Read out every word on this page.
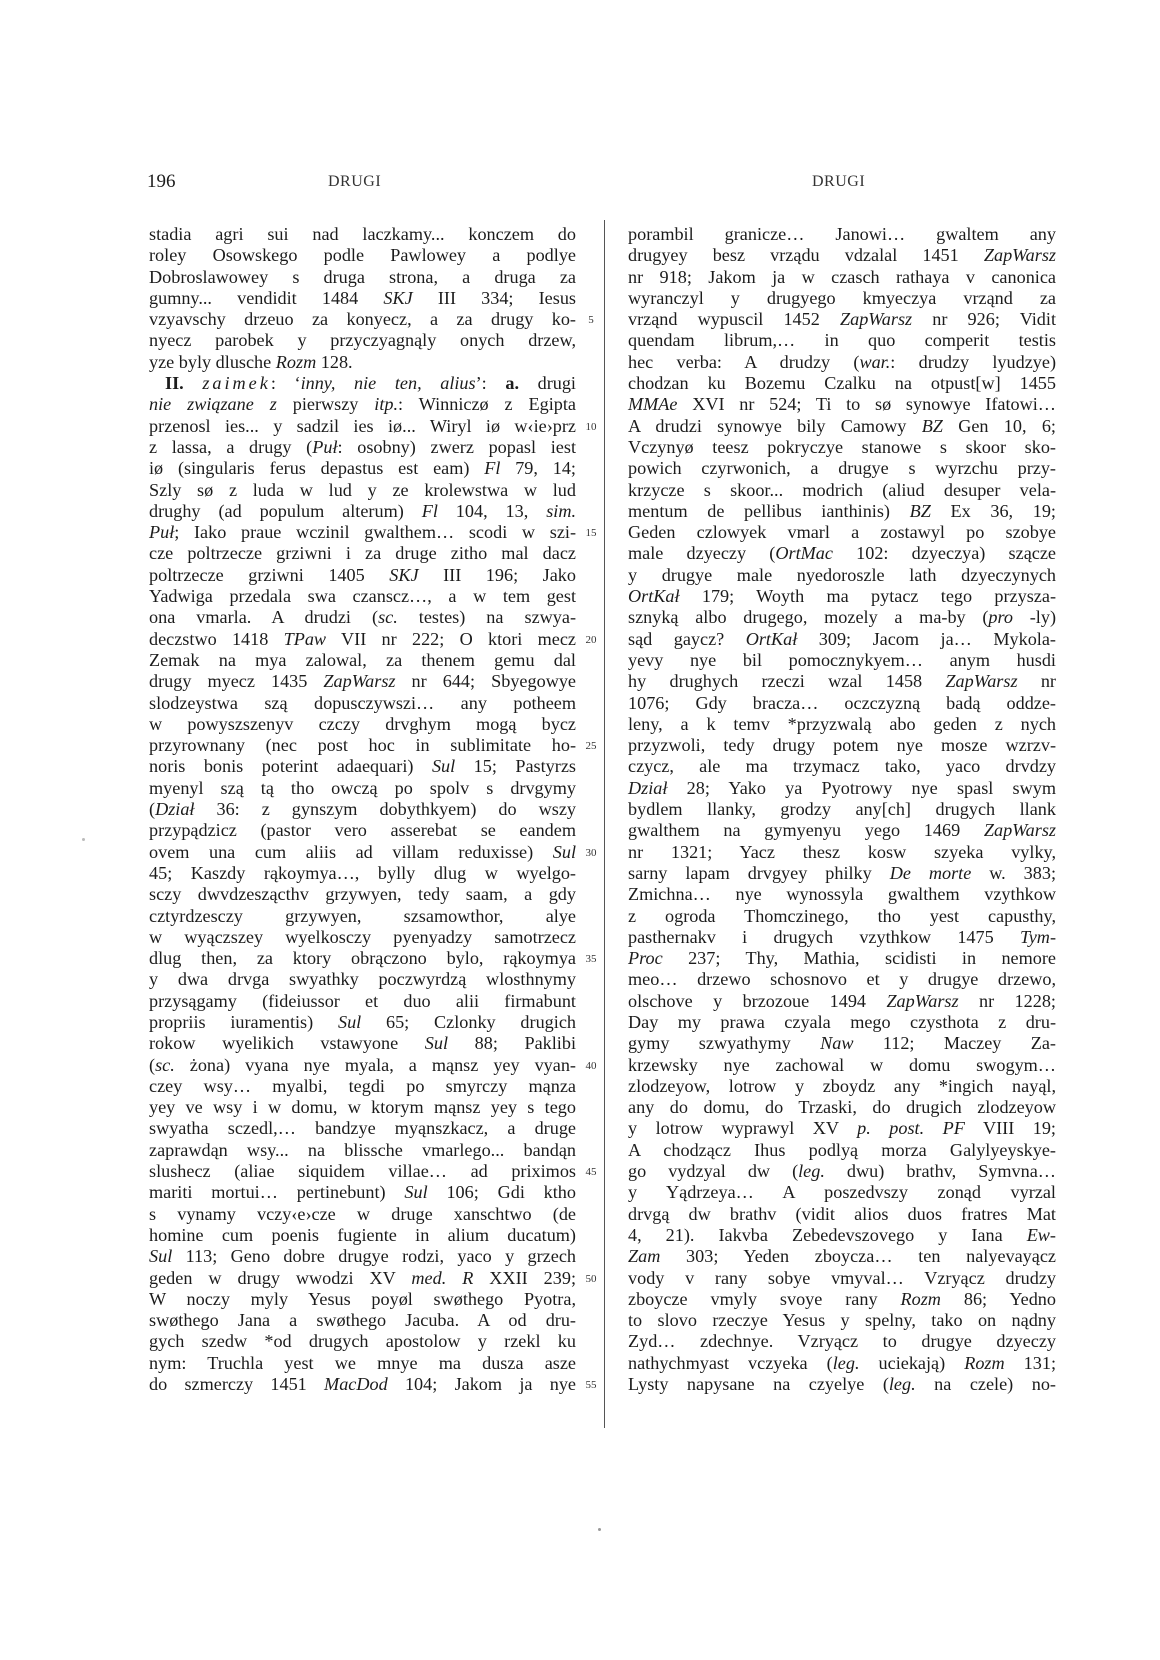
196	DRUGI	DRUGI
stadia agri sui nad laczkamy... konczem do
roley Osowskego podle Pawlowey a podlye
Dobroslawowey s druga strona, a druga za
gumny... vendidit 1484 SKJ III 334; Iesus
vzyavschy drzeuo za konyecz, a za drugy ko-
nyecz parobek y przyczyagnąly onych drzew,
yze byly dlusche Rozm 128.
II. zaimek: ‘inny, nie ten, alius’: a. drugi
nie związane z pierwszy itp.: Winniczø z Egipta
przenosl ies... y sadzil ies iø... Wiryl iø w‹ie›prz
z lassa, a drugy (Puł: osobny) zwerz popasl iest
iø (singularis ferus depastus est eam) Fl 79, 14;
Szly sø z luda w lud y ze krolewstwa w lud
drughy (ad populum alterum) Fl 104, 13, sim.
Puł; Iako praue wczinil gwalthem… scodi w szi-
cze poltrzecze grziwni i za druge zitho mal dacz
poltrzecze grziwni 1405 SKJ III 196; Jako
Yadwiga przedala swa czanscz…, a w tem gest
ona vmarla. A drudzi (sc. testes) na szwya-
deczstwo 1418 TPaw VII nr 222; O ktori mecz
Zemak na mya zalowal, za thenem gemu dal
drugy myecz 1435 ZapWarsz nr 644; Sbyegowye
slodzeystwa szą dopusczywszi… any potheem
w powyszszenyv czczy drvghym mogą bycz
przyrownany (nec post hoc in sublimitate ho-
noris bonis poterint adaequari) Sul 15; Pastyrzs
myenyl szą tą tho owczą po spolv s drvgymy
(Dział 36: z gynszym dobythkyem) do wszy
przypądzicz (pastor vero asserebat se eandem
ovem una cum aliis ad villam reduxisse) Sul
45; Kaszdy rąkoymya…, byllу dlug w wyelgo-
sczy dwvdzeszącthv grzywyen, tedy saam, a gdy
cztyrdzesczy grzywyen, szsamowthor, alye
w wyączszey wyelkosczy pyenyadzy samotrzecz
dlug then, za ktory obrączono bylo, rąkoymya
y dwa drvga swyathky poczwyrdzą wlosthnymy
przysągamy (fideiussor et duo alii firmabunt
propriis iuramentis) Sul 65; Czlonky drugich
rokow wyelikich vstawyone Sul 88; Paklibi
(sc. żona) vyana nye myala, a mąnsz yey vyan-
czey wsy… myalbi, tegdi po smyrczy mąnza
yey ve wsy i w domu, w ktorym mąnsz yey s tego
swyatha sczedl,… bandzye myąnszkacz, a druge
zaprawdąn wsy... na blissche vmarlego... bandąn
slushecz (aliae siquidem villae… ad priximos
mariti mortui… pertinebunt) Sul 106; Gdi ktho
s vynamy vczy‹e›cze w druge xanschtwo (de
homine cum poenis fugiente in alium ducatum)
Sul 113; Geno dobre drugye rodzi, yaco y grzech
geden w drugy wwodzi XV med. R XXII 239;
W noczy myly Yesus poyøl swøthego Pyotra,
swøthego Jana a swøthego Jacuba. A od dru-
gych szedw *od drugych apostolow y rzekl ku
nym: Truchla yest we mnye ma dusza asze
do szmerczy 1451 MacDod 104; Jakom ja nye
5
10
15
20
25
30
35
40
45
50
55
porambil granicze… Janowi… gwaltem any
drugyey besz vrządu vdzalal 1451 ZapWarsz
nr 918; Jakom ja w czasch rathaya v canonica
wyranczyl y drugyego kmyeczya vrząnd za
vrząnd wypuscil 1452 ZapWarsz nr 926; Vidit
quendam librum,… in quo comperit testis
hec verba: A drudzy (war.: drudzy lyudzye)
chodzan ku Bozemu Czalku na otpust[w] 1455
MMAe XVI nr 524; Ti to sø synowye Ifatowi…
A drudzi synowye bily Camowy BZ Gen 10, 6;
Vczynyø teesz pokryczye stanowe s skoor sko-
powich czyrwonich, a drugye s wyrzchu przy-
krzycze s skoor... modrich (aliud desuper vela-
mentum de pellibus ianthinis) BZ Ex 36, 19;
Geden czlowyek vmarl a zostawyl po szobye
male dzyeczy (OrtMac 102: dzyeczya) szącze
y drugye male nyedoroszle lath dzyeczynych
OrtKał 179; Woyth ma pytacz tego przysza-
sznyką albo drugego, mozely a ma-by (pro -ly)
sąd gaycz? OrtKał 309; Jacom ja… Mykola-
yevy nye bil pomocznykyem… anym husdi
hy drughych rzeczi wzal 1458 ZapWarsz nr
1076; Gdy bracza… oczczyzną badą oddze-
leny, a k temv *przyzwalą abo geden z nych
przyzwoli, tedy drugy potem nye mosze wzrzv-
czycz, ale ma trzymacz tako, yaco drvdzy
Dział 28; Yako ya Pyotrowy nye spasl swym
bydlem llanky, grodzy any[ch] drugych llank
gwalthem na gymyenyu yego 1469 ZapWarsz
nr 1321; Yacz thesz kosw szyeka vylky,
sarny lapam drvgyey philky De morte w. 383;
Zmichna… nye wynossyla gwalthem vzythkow
z ogroda Thomczinego, tho yest capusthy,
pasthernakv i drugych vzythkow 1475 Tym-
Proc 237; Thy, Mathia, scidisti in nemore
meo… drzewo schosnovo et y drugye drzewo,
olschove y brzozoue 1494 ZapWarsz nr 1228;
Day my prawa czyala mego czysthota z dru-
gymy szwyathymy Naw 112; Maczey Za-
krzewsky nye zachowal w domu swogym…
zlodzeyow, lotrow y zboydz any *ingich nayąl,
any do domu, do Trzaski, do drugich zlodzeyow
y lotrow wyprawyl XV p. post. PF VIII 19;
A chodząсz Ihus podlyą morza Galylyeyskye-
go vydzyal dw (leg. dwu) brathv, Symvna…
y Yądrzeya… A poszedvszy zonąd vyrzal
drvgą dw brathv (vidit alios duos fratres Mat
4, 21). Iakvba Zebedevszovego y Iana Ew-
Zam 303; Yeden zboycza… ten nalyevayącz
vody v rany sobye vmyval… Vzryącz drudzy
zboycze vmyly svoye rany Rozm 86; Yedno
to slovo rzeczye Yesus y spelny, tako on nądny
Zyd… zdechnye. Vzryącz to drugye dzyeczy
nathychmyast vczyeka (leg. uciekają) Rozm 131;
Lysty napysane na czyelye (leg. na czele) no-
